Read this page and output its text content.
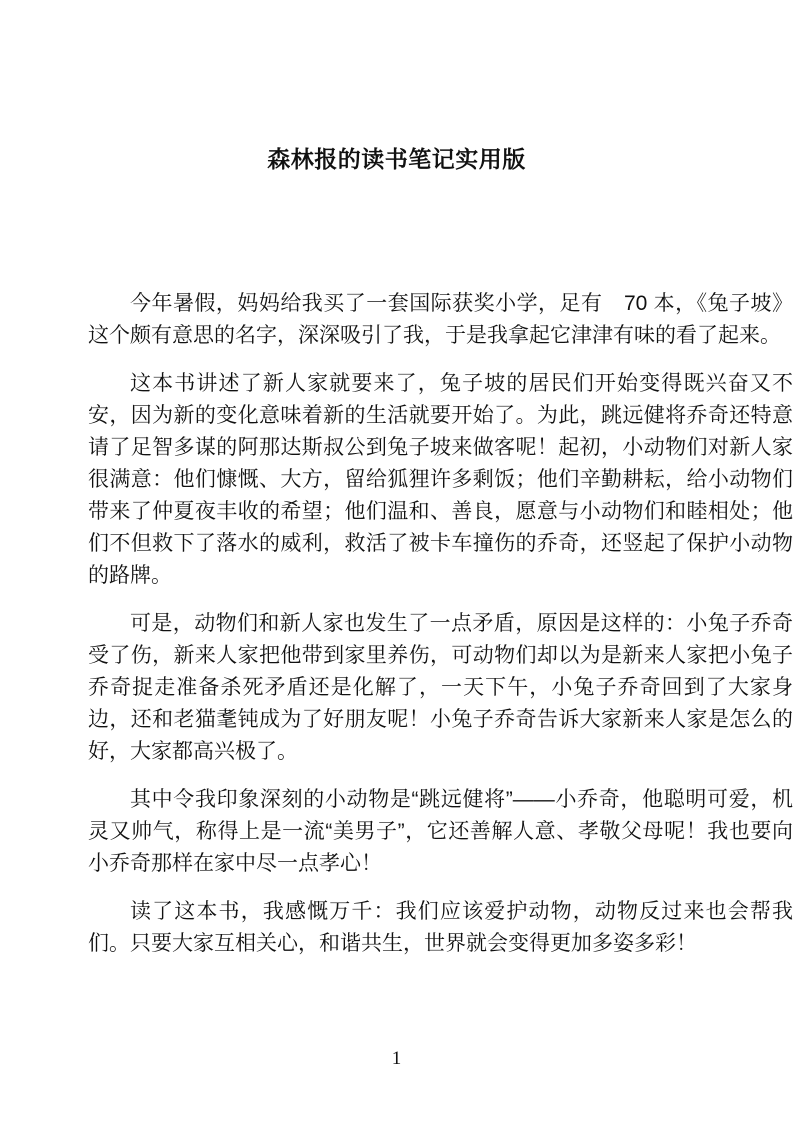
森林报的读书笔记实用版

今年暑假，妈妈给我买了一套国际获奖小学，足有　70 本，《兔子坡》这个颇有意思的名字，深深吸引了我，于是我拿起它津津有味的看了起来。

这本书讲述了新人家就要来了，兔子坡的居民们开始变得既兴奋又不安，因为新的变化意味着新的生活就要开始了。为此，跳远健将乔奇还特意请了足智多谋的阿那达斯叔公到兔子坡来做客呢！起初，小动物们对新人家很满意：他们慷慨、大方，留给狐狸许多剩饭；他们辛勤耕耘，给小动物们带来了仲夏夜丰收的希望；他们温和、善良，愿意与小动物们和睦相处；他们不但救下了落水的威利，救活了被卡车撞伤的乔奇，还竖起了保护小动物的路牌。

可是，动物们和新人家也发生了一点矛盾，原因是这样的：小兔子乔奇受了伤，新来人家把他带到家里养伤，可动物们却以为是新来人家把小兔子乔奇捉走准备杀死矛盾还是化解了，一天下午，小兔子乔奇回到了大家身边，还和老猫耄钝成为了好朋友呢！小兔子乔奇告诉大家新来人家是怎么的好，大家都高兴极了。

其中令我印象深刻的小动物是“跳远健将”——小乔奇，他聪明可爱，机灵又帅气，称得上是一流“美男子”，它还善解人意、孝敬父母呢！我也要向小乔奇那样在家中尽一点孝心！

读了这本书，我感慨万千：我们应该爱护动物，动物反过来也会帮我们。只要大家互相关心，和谐共生，世界就会变得更加多姿多彩！

1
